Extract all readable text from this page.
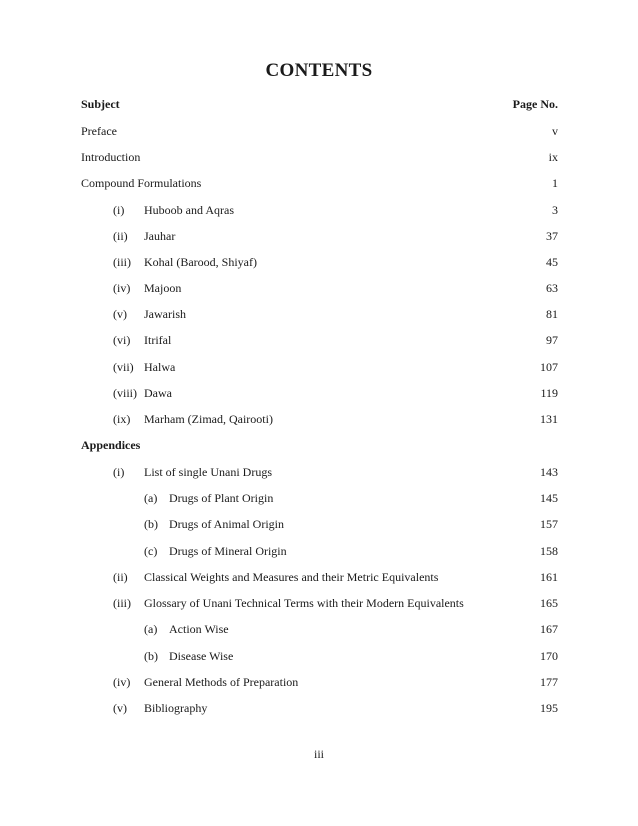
CONTENTS
Subject	Page No.
Preface	v
Introduction	ix
Compound Formulations	1
(i) Huboob and Aqras	3
(ii) Jauhar	37
(iii) Kohal (Barood, Shiyaf)	45
(iv) Majoon	63
(v) Jawarish	81
(vi) Itrifal	97
(vii) Halwa	107
(viii) Dawa	119
(ix) Marham (Zimad, Qairooti)	131
Appendices
(i) List of single Unani Drugs	143
(a) Drugs of Plant Origin	145
(b) Drugs of Animal Origin	157
(c) Drugs of Mineral Origin	158
(ii) Classical Weights and Measures and their Metric Equivalents	161
(iii) Glossary of Unani Technical Terms with their Modern Equivalents	165
(a) Action Wise	167
(b) Disease Wise	170
(iv) General Methods of Preparation	177
(v) Bibliography	195
iii
